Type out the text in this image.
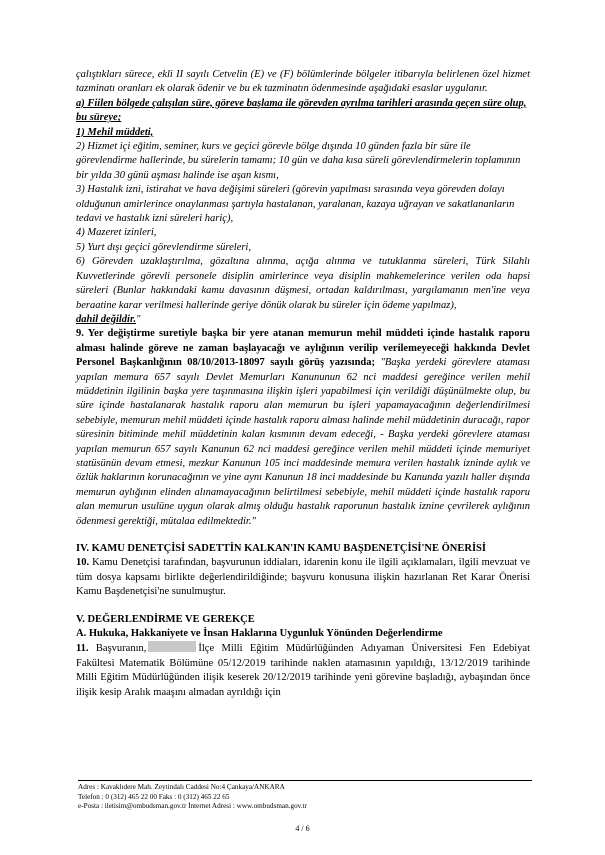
çalıştıkları sürece, ekli II sayılı Cetvelin (E) ve (F) bölümlerinde bölgeler itibarıyla belirlenen özel hizmet tazminatı oranları ek olarak ödenir ve bu ek tazminatın ödenmesinde aşağıdaki esaslar uygulanır.

a) Fiilen bölgede çalışılan süre, göreve başlama ile görevden ayrılma tarihleri arasında geçen süre olup, bu süreye;

1) Mehil müddeti,

2) Hizmet içi eğitim, seminer, kurs ve geçici görevle bölge dışında 10 günden fazla bir süre ile görevlendirme hallerinde, bu sürelerin tamamı; 10 gün ve daha kısa süreli görevlendirmelerin toplamının bir yılda 30 günü aşması halinde ise aşan kısmı,

3) Hastalık izni, istirahat ve hava değişimi süreleri (görevin yapılması sırasında veya görevden dolayı olduğunun amirlerince onaylanması şartıyla hastalanan, yaralanan, kazaya uğrayan ve sakatlananların tedavi ve hastalık izni süreleri hariç),

4) Mazeret izinleri,

5) Yurt dışı geçici görevlendirme süreleri,

6) Görevden uzaklaştırılma, gözaltına alınma, açığa alınma ve tutuklanma süreleri, Türk Silahlı Kuvvetlerinde görevli personele disiplin amirlerince veya disiplin mahkemelerince verilen oda hapsi süreleri (Bunlar hakkındaki kamu davasının düşmesi, ortadan kaldırılması, yargılamanın men'ine veya beraatine karar verilmesi hallerinde geriye dönük olarak bu süreler için ödeme yapılmaz),

dahil değildir."

9. Yer değiştirme suretiyle başka bir yere atanan memurun mehil müddeti içinde hastalık raporu alması halinde göreve ne zaman başlayacağı ve aylığının verilip verilemeyeceği hakkında Devlet Personel Başkanlığının 08/10/2013-18097 sayılı görüş yazısında; "Başka yerdeki görevlere ataması yapılan memura 657 sayılı Devlet Memurları Kanununun 62 nci maddesi gereğince verilen mehil müddetinin ilgilinin başka yere taşınmasına ilişkin işleri yapabilmesi için verildiği düşünülmekte olup, bu süre içinde hastalanarak hastalık raporu alan memurun bu işleri yapamayacağının değerlendirilmesi sebebiyle, memurun mehil müddeti içinde hastalık raporu alması halinde mehil müddetinin duracağı, rapor süresinin bitiminde mehil müddetinin kalan kısmının devam edeceği, - Başka yerdeki görevlere ataması yapılan memurun 657 sayılı Kanunun 62 nci maddesi gereğince verilen mehil müddeti içinde memuriyet statüsünün devam etmesi, mezkur Kanunun 105 inci maddesinde memura verilen hastalık izninde aylık ve özlük haklarının korunacağının ve yine aynı Kanunun 18 inci maddesinde bu Kanunda yazılı haller dışında memurun aylığının elinden alınamayacağının belirtilmesi sebebiyle, mehil müddeti içinde hastalık raporu alan memurun usulüne uygun olarak almış olduğu hastalık raporunun hastalık iznine çevrilerek aylığının ödenmesi gerektiği, mütalaa edilmektedir."

IV. KAMU DENETÇİSİ SADETTİN KALKAN'IN KAMU BAŞDENETÇİSİ'NE ÖNERİSİ

10. Kamu Denetçisi tarafından, başvurunun iddiaları, idarenin konu ile ilgili açıklamaları, ilgili mevzuat ve tüm dosya kapsamı birlikte değerlendirildiğinde; başvuru konusuna ilişkin hazırlanan Ret Karar Önerisi Kamu Başdenetçisi'ne sunulmuştur.

V. DEĞERLENDİRME VE GEREKÇE

A. Hukuka, Hakkaniyete ve İnsan Haklarına Uygunluk Yönünden Değerlendirme

11. Başvuranın,	İlçe Milli Eğitim Müdürlüğünden Adıyaman Üniversitesi Fen Edebiyat Fakültesi Matematik Bölümüne 05/12/2019 tarihinde naklen atamasının yapıldığı, 13/12/2019 tarihinde Milli Eğitim Müdürlüğünden ilişik keserek 20/12/2019 tarihinde yeni görevine başladığı, aybaşından önce ilişik kesip Aralık maaşını almadan ayrıldığı için

Adres : Kavaklıdere Mah. Zeytindalı Caddesi No:4 Çankaya/ANKARA
Telefon : 0 (312) 465 22 00 Faks : 0 (312) 465 22 65
e-Posta : iletisim@ombudsman.gov.tr İnternet Adresi : www.ombudsman.gov.tr
4 / 6
